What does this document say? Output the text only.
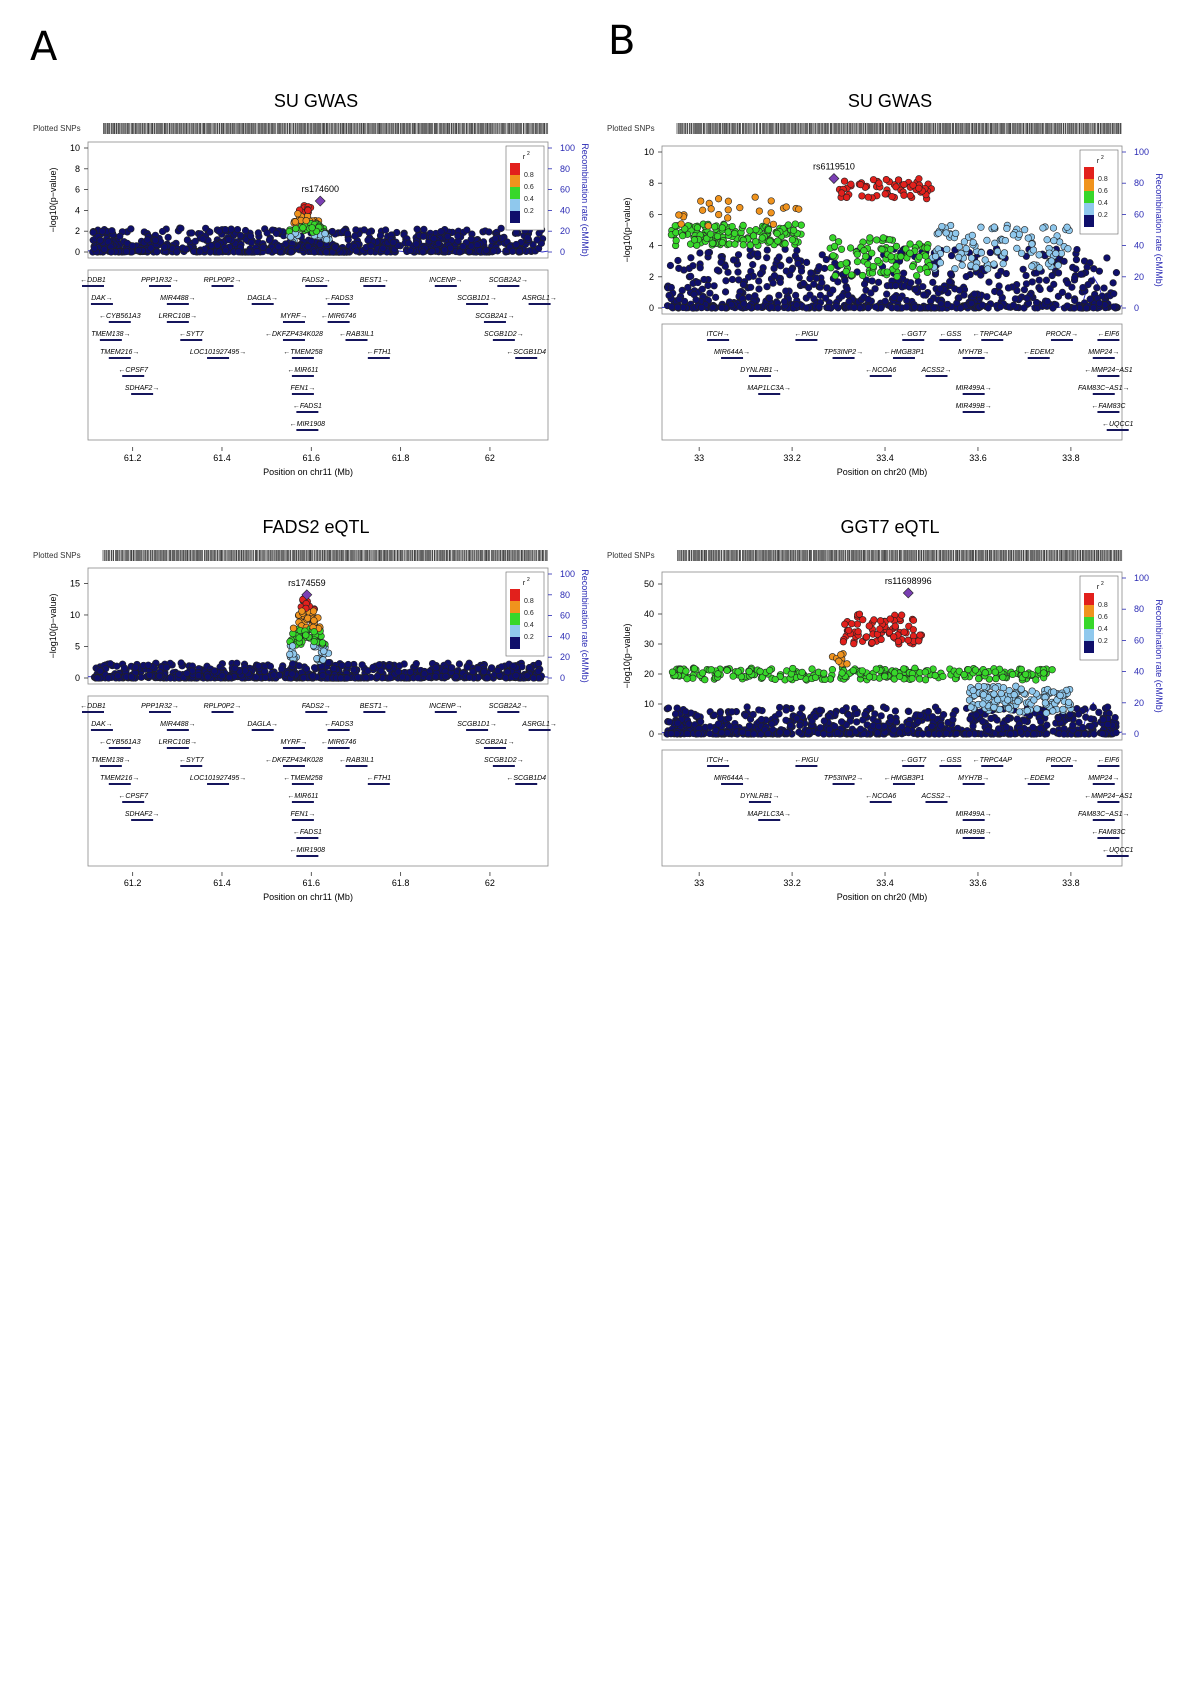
A	B
SU GWAS
Plotted SNPs
0
2
4
6
8
10
0
20
40
60
80
100
−log10(p−value)	Recombination rate (cM/Mb)
rs174600
r 2
0.8
0.6
0.4
0.2
←DDB1	PPP1R32→	RPLP0P2→	FADS2→	BEST1→	INCENP→	SCGB2A2→
DAK→	MIR4488→	DAGLA→	←FADS3	SCGB1D1→	ASRGL1→
←CYB561A3	LRRC10B→	MYRF→ ←MIR6746	SCGB2A1→
TMEM138→	←SYT7	←DKFZP434K028 ←RAB3IL1	SCGB1D2→
TMEM216→	LOC101927495→	←TMEM258	←FTH1	←SCGB1D4
←CPSF7	←MIR611
SDHAF2→	FEN1→
←FADS1
←MIR1908
61.2	61.4	61.6	61.8	62
Position on chr11 (Mb)
SU GWAS
Plotted SNPs
0
2
4
6
8
10
0
20
40
60
80
100
−log10(p−value)	Recombination rate (cM/Mb)
rs6119510
r 2
0.8
0.6
0.4
0.2
ITCH→	←PIGU	←GGT7 ←GSS ←TRPC4AP	PROCR→	←EIF6
MIR644A→	TP53INP2→	←HMGB3P1	MYH7B→	←EDEM2	MMP24→
DYNLRB1→	←NCOA6	ACSS2→	←MMP24−AS1
MAP1LC3A→	MIR499A→	FAM83C−AS1→
MIR499B→	←FAM83C
←UQCC1
33	33.2	33.4	33.6	33.8
Position on chr20 (Mb)
FADS2 eQTL
Plotted SNPs
0
5
10
15
0
20
40
60
80
100
−log10(p−value)	Recombination rate (cM/Mb)
rs174559	r 2
0.8
0.6
0.4
0.2
←DDB1	PPP1R32→	RPLP0P2→	FADS2→	BEST1→	INCENP→	SCGB2A2→
DAK→	MIR4488→	DAGLA→	←FADS3	SCGB1D1→	ASRGL1→
←CYB561A3	LRRC10B→	MYRF→ ←MIR6746	SCGB2A1→
TMEM138→	←SYT7	←DKFZP434K028 ←RAB3IL1	SCGB1D2→
TMEM216→	LOC101927495→	←TMEM258	←FTH1	←SCGB1D4
←CPSF7	←MIR611
SDHAF2→	FEN1→
←FADS1
←MIR1908
61.2	61.4	61.6	61.8	62
Position on chr11 (Mb)
GGT7 eQTL
Plotted SNPs
0
10
20
30
40
50
0
20
40
60
80
100
−log10(p−value)	Recombination rate (cM/Mb)
rs11698996
r 2
0.8
0.6
0.4
0.2
ITCH→	←PIGU	←GGT7 ←GSS ←TRPC4AP	PROCR→	←EIF6
MIR644A→	TP53INP2→	←HMGB3P1	MYH7B→	←EDEM2	MMP24→
DYNLRB1→	←NCOA6	ACSS2→	←MMP24−AS1
MAP1LC3A→	MIR499A→	FAM83C−AS1→
MIR499B→	←FAM83C
←UQCC1
33	33.2	33.4	33.6	33.8
Position on chr20 (Mb)
